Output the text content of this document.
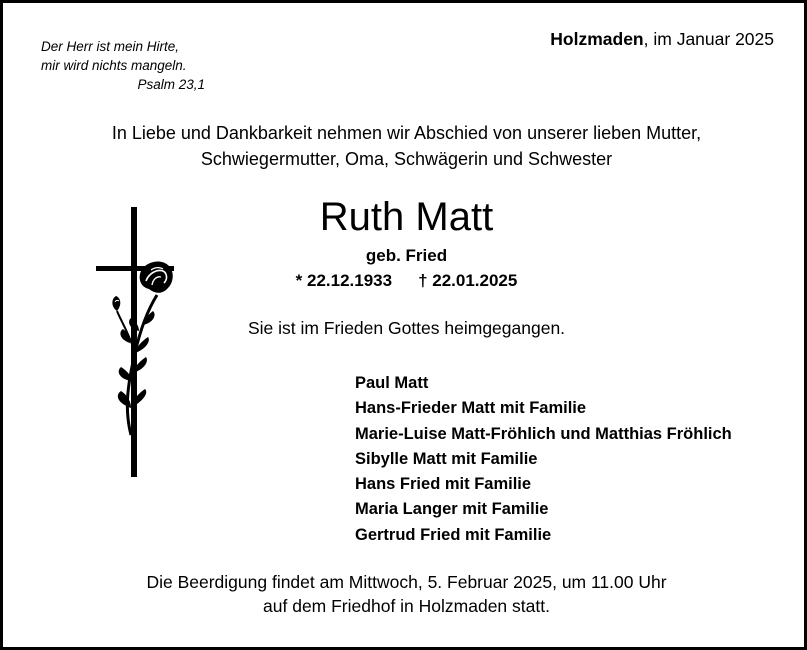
Der Herr ist mein Hirte,
mir wird nichts mangeln.
Psalm 23,1
Holzmaden, im Januar 2025
In Liebe und Dankbarkeit nehmen wir Abschied von unserer lieben Mutter,
Schwiegermutter, Oma, Schwägerin und Schwester
Ruth Matt
geb. Fried
* 22.12.1933 † 22.01.2025
Sie ist im Frieden Gottes heimgegangen.
Paul Matt
Hans-Frieder Matt mit Familie
Marie-Luise Matt-Fröhlich und Matthias Fröhlich
Sibylle Matt mit Familie
Hans Fried mit Familie
Maria Langer mit Familie
Gertrud Fried mit Familie
Die Beerdigung findet am Mittwoch, 5. Februar 2025, um 11.00 Uhr
auf dem Friedhof in Holzmaden statt.
